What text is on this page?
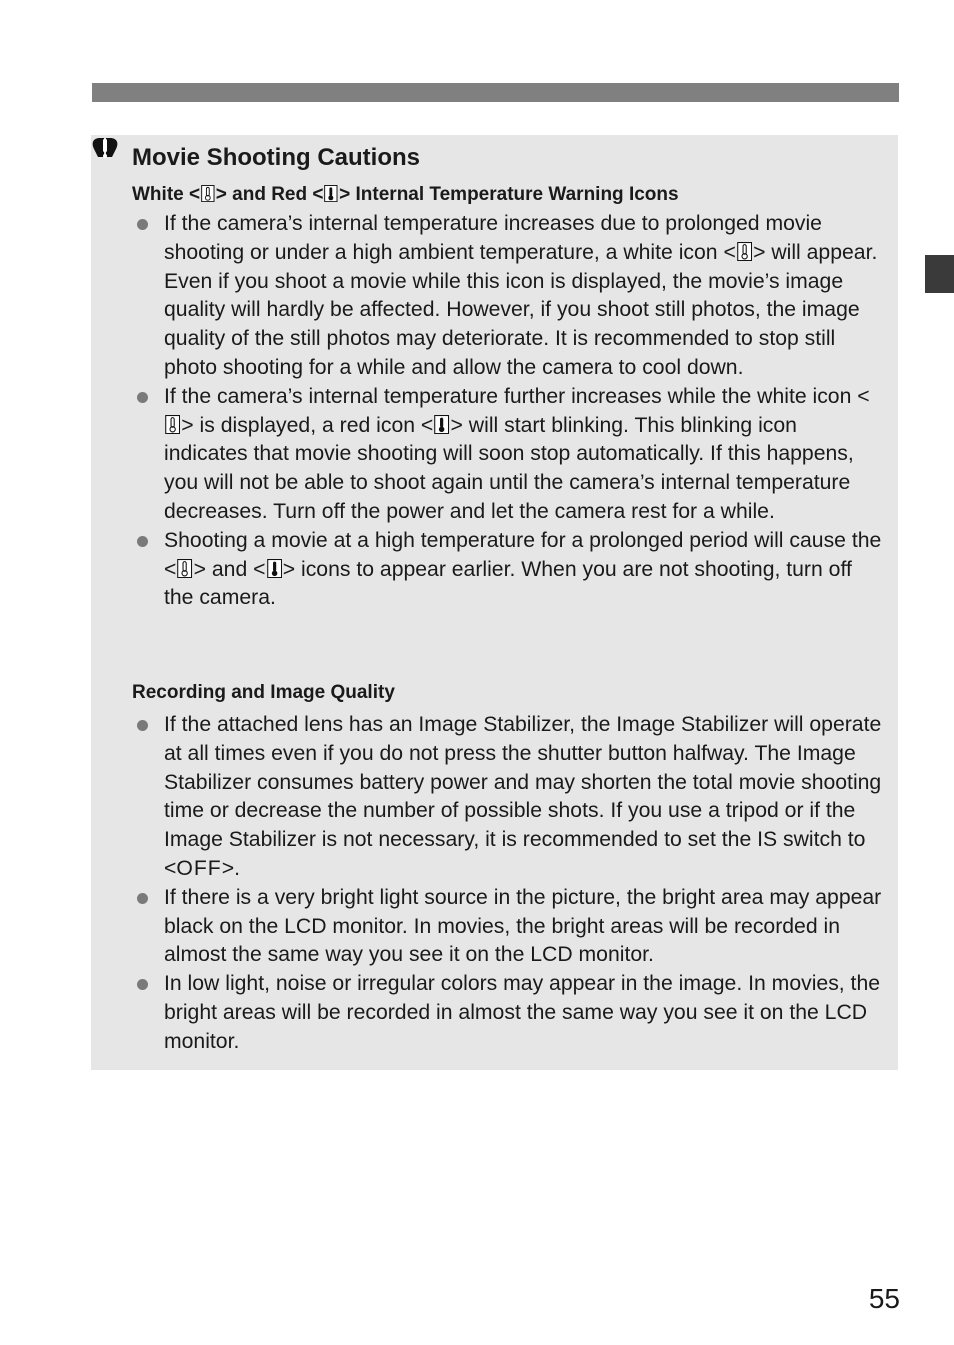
Movie Shooting Cautions
White < > and Red < > Internal Temperature Warning Icons
If the camera’s internal temperature increases due to prolonged movie shooting or under a high ambient temperature, a white icon < > will appear. Even if you shoot a movie while this icon is displayed, the movie’s image quality will hardly be affected. However, if you shoot still photos, the image quality of the still photos may deteriorate. It is recommended to stop still photo shooting for a while and allow the camera to cool down.
If the camera’s internal temperature further increases while the white icon <> is displayed, a red icon < > will start blinking. This blinking icon indicates that movie shooting will soon stop automatically. If this happens, you will not be able to shoot again until the camera’s internal temperature decreases. Turn off the power and let the camera rest for a while.
Shooting a movie at a high temperature for a prolonged period will cause the < > and < > icons to appear earlier. When you are not shooting, turn off the camera.
Recording and Image Quality
If the attached lens has an Image Stabilizer, the Image Stabilizer will operate at all times even if you do not press the shutter button halfway. The Image Stabilizer consumes battery power and may shorten the total movie shooting time or decrease the number of possible shots. If you use a tripod or if the Image Stabilizer is not necessary, it is recommended to set the IS switch to <OFF>.
If there is a very bright light source in the picture, the bright area may appear black on the LCD monitor. In movies, the bright areas will be recorded in almost the same way you see it on the LCD monitor.
In low light, noise or irregular colors may appear in the image. In movies, the bright areas will be recorded in almost the same way you see it on the LCD monitor.

55
